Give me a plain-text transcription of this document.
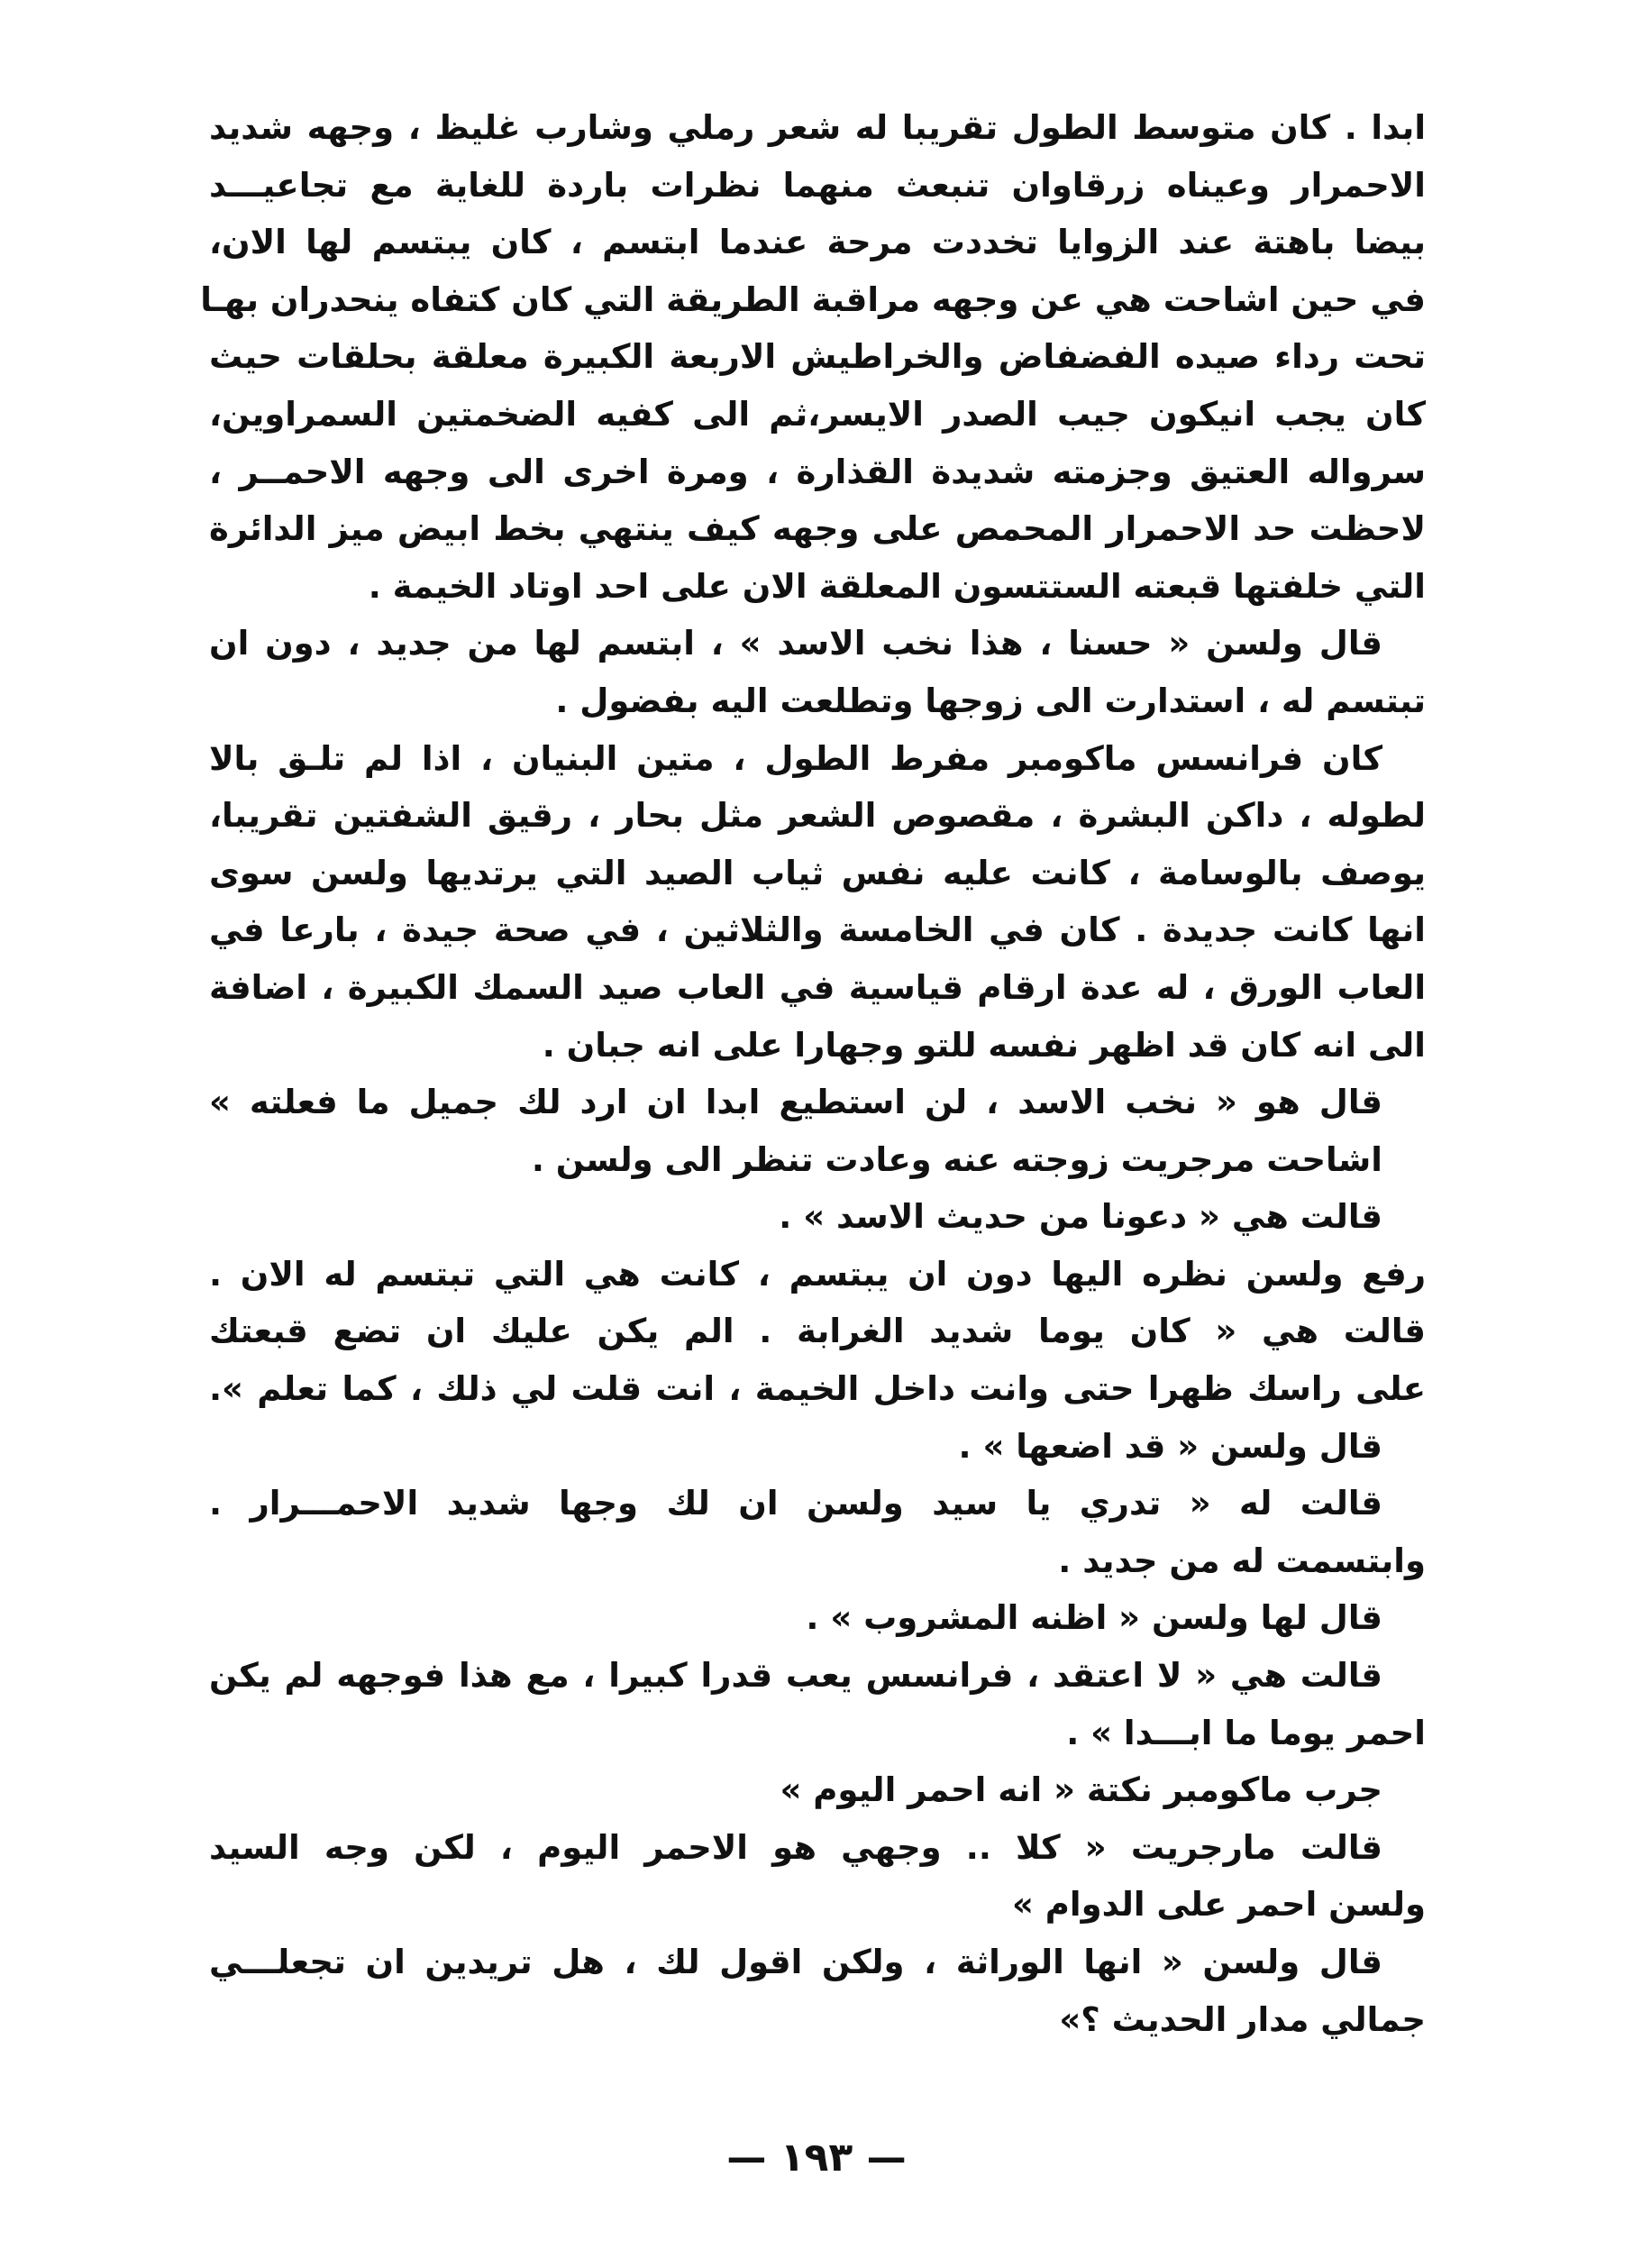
ابدا . كان متوسط الطول تقريبا له شعر رملي وشارب غليظ ، وجهه شديد
الاحمرار وعيناه زرقاوان تنبعث منهما نظرات باردة للغاية مع تجاعيـــد
بيضا باهتة عند الزوايا تخددت مرحة عندما ابتسم ، كان يبتسم لها الان،
في حين اشاحت هي عن وجهه مراقبة الطريقة التي كان كتفاه ينحدران بهـا
تحت رداء صيده الفضفاض والخراطيش الاربعة الكبيرة معلقة بحلقات حيث
كان يجب انيكون جيب الصدر الايسر،ثم الى كفيه الضخمتين السمراوين،
سرواله العتيق وجزمته شديدة القذارة ، ومرة اخرى الى وجهه الاحمــر ،
لاحظت حد الاحمرار المحمص على وجهه كيف ينتهي بخط ابيض ميز الدائرة
التي خلفتها قبعته الستتسون المعلقة الان على احد اوتاد الخيمة .
قال ولسن « حسنا ، هذا نخب الاسد » ، ابتسم لها من جديد ، دون ان
تبتسم له ، استدارت الى زوجها وتطلعت اليه بفضول .
كان فرانسس ماكومبر مفرط الطول ، متين البنيان ، اذا لم تلـق بالا
لطوله ، داكن البشرة ، مقصوص الشعر مثل بحار ، رقيق الشفتين تقريبا،
يوصف بالوسامة ، كانت عليه نفس ثياب الصيد التي يرتديها ولسن سوى
انها كانت جديدة . كان في الخامسة والثلاثين ، في صحة جيدة ، بارعا في
العاب الورق ، له عدة ارقام قياسية في العاب صيد السمك الكبيرة ، اضافة
الى انه كان قد اظهر نفسه للتو وجهارا على انه جبان .
قال هو « نخب الاسد ، لن استطيع ابدا ان ارد لك جميل ما فعلته »
اشاحت مرجريت زوجته عنه وعادت تنظر الى ولسن .
قالت هي « دعونا من حديث الاسد » .
رفع ولسن نظره اليها دون ان يبتسم ، كانت هي التي تبتسم له الان .
قالت هي « كان يوما شديد الغرابة . الم يكن عليك ان تضع قبعتك
على راسك ظهرا حتى وانت داخل الخيمة ، انت قلت لي ذلك ، كما تعلم ».
قال ولسن « قد اضعها » .
قالت له « تدري يا سيد ولسن ان لك وجها شديد الاحمـــرار .
وابتسمت له من جديد .
قال لها ولسن « اظنه المشروب » .
قالت هي « لا اعتقد ، فرانسس يعب قدرا كبيرا ، مع هذا فوجهه لم يكن
احمر يوما ما ابـــدا » .
جرب ماكومبر نكتة « انه احمر اليوم »
قالت مارجريت « كلا .. وجهي هو الاحمر اليوم ، لكن وجه السيد
ولسن احمر على الدوام »
قال ولسن « انها الوراثة ، ولكن اقول لك ، هل تريدين ان تجعلـــي
جمالي مدار الحديث ؟»
— ١٩٣ —
